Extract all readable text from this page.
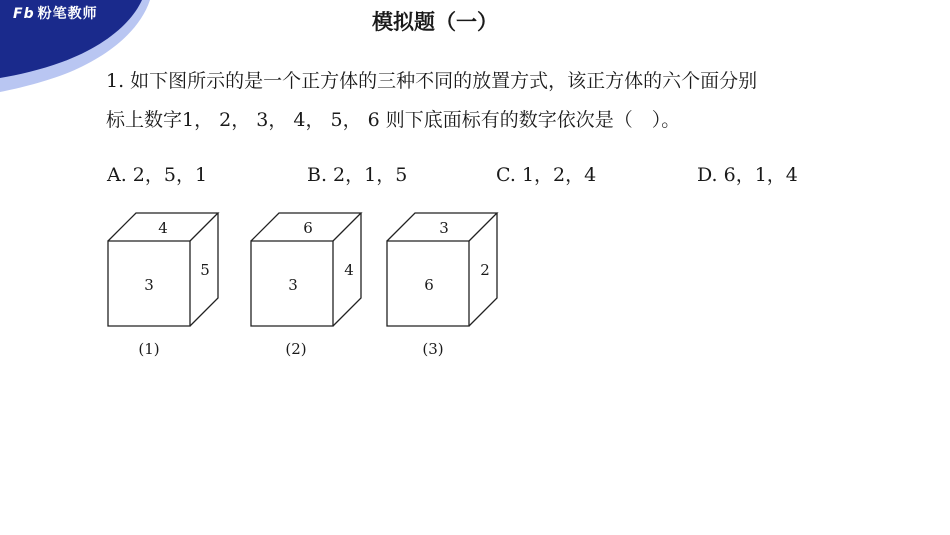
Fb 粉笔教师	模拟题（一）
1. 如下图所示的是一个正方体的三种不同的放置方式，该正方体的六个面分别
标上数字1， 2， 3， 4， 5， 6 则下底面标有的数字依次是（　）。
A. 2，5，1	B. 2，1，5	C. 1，2，4	D. 6，1，4
4
3
5
(1)
6
3
4
(2)
3
6
2
(3)
